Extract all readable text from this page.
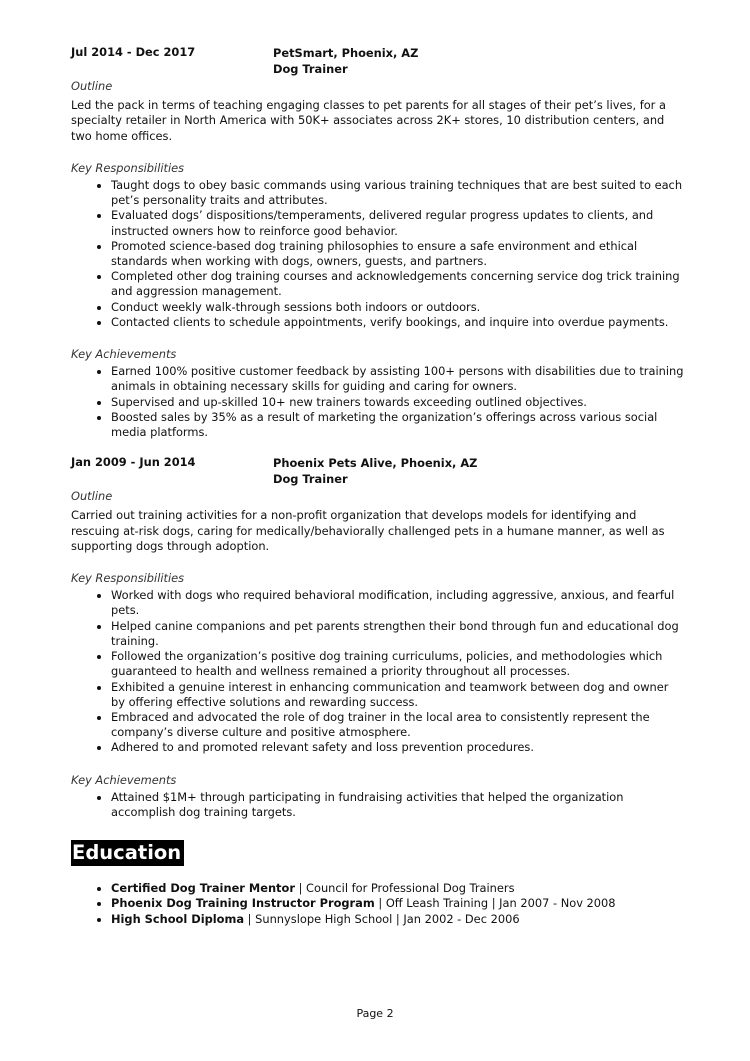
Jul 2014 - Dec 2017	PetSmart, Phoenix, AZ
Dog Trainer
Outline

Led the pack in terms of teaching engaging classes to pet parents for all stages of their pet’s lives, for a specialty retailer in North America with 50K+ associates across 2K+ stores, 10 distribution centers, and two home offices.

Key Responsibilities
• Taught dogs to obey basic commands using various training techniques that are best suited to each pet’s personality traits and attributes.
• Evaluated dogs’ dispositions/temperaments, delivered regular progress updates to clients, and instructed owners how to reinforce good behavior.
• Promoted science-based dog training philosophies to ensure a safe environment and ethical standards when working with dogs, owners, guests, and partners.
• Completed other dog training courses and acknowledgements concerning service dog trick training and aggression management.
• Conduct weekly walk-through sessions both indoors or outdoors.
• Contacted clients to schedule appointments, verify bookings, and inquire into overdue payments.
Key Achievements
• Earned 100% positive customer feedback by assisting 100+ persons with disabilities due to training animals in obtaining necessary skills for guiding and caring for owners.
• Supervised and up-skilled 10+ new trainers towards exceeding outlined objectives.
• Boosted sales by 35% as a result of marketing the organization’s offerings across various social media platforms.
Jan 2009 - Jun 2014	Phoenix Pets Alive, Phoenix, AZ
Dog Trainer
Outline

Carried out training activities for a non-profit organization that develops models for identifying and rescuing at-risk dogs, caring for medically/behaviorally challenged pets in a humane manner, as well as supporting dogs through adoption.

Key Responsibilities
• Worked with dogs who required behavioral modification, including aggressive, anxious, and fearful pets.
• Helped canine companions and pet parents strengthen their bond through fun and educational dog training.
• Followed the organization’s positive dog training curriculums, policies, and methodologies which guaranteed to health and wellness remained a priority throughout all processes.
• Exhibited a genuine interest in enhancing communication and teamwork between dog and owner by offering effective solutions and rewarding success.
• Embraced and advocated the role of dog trainer in the local area to consistently represent the company’s diverse culture and positive atmosphere.
• Adhered to and promoted relevant safety and loss prevention procedures.
Key Achievements
• Attained $1M+ through participating in fundraising activities that helped the organization accomplish dog training targets.
Education
• Certified Dog Trainer Mentor | Council for Professional Dog Trainers
• Phoenix Dog Training Instructor Program | Off Leash Training | Jan 2007 - Nov 2008
• High School Diploma | Sunnyslope High School | Jan 2002 - Dec 2006
Page 2
